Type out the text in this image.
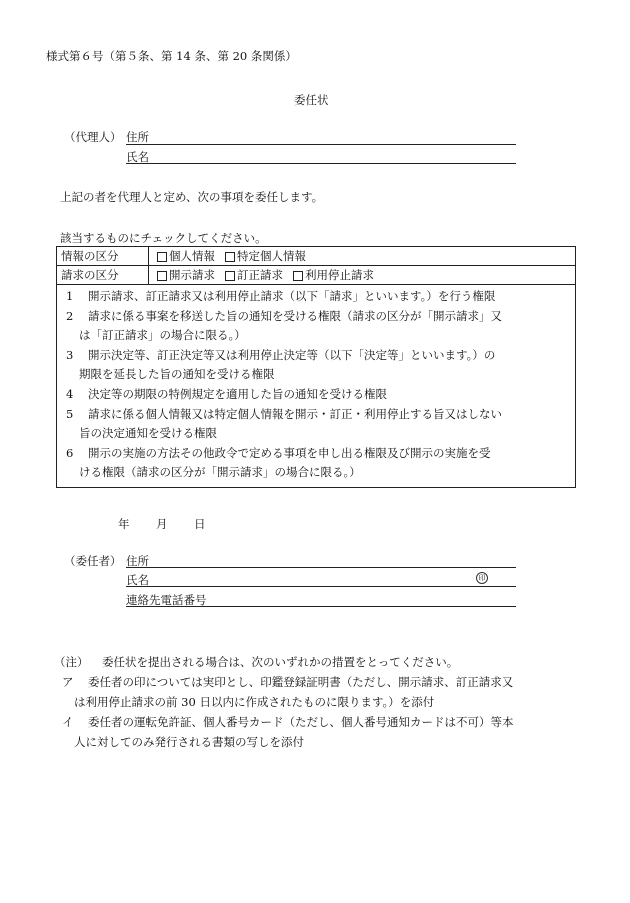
様式第６号（第５条、第 14 条、第 20 条関係）
委任状
（代理人） 住所
氏名
上記の者を代理人と定め、次の事項を委任します。
該当するものにチェックしてください。
情報の区分	個人情報 特定個人情報
請求の区分	開示請求 訂正請求 利用停止請求
1	開示請求、訂正請求又は利用停止請求（以下「請求」といいます。）を行う権限
2	請求に係る事案を移送した旨の通知を受ける権限（請求の区分が「開示請求」又
は「訂正請求」の場合に限る。）
3	開示決定等、訂正決定等又は利用停止決定等（以下「決定等」といいます。）の
期限を延長した旨の通知を受ける権限
4	決定等の期限の特例規定を適用した旨の通知を受ける権限
5	請求に係る個人情報又は特定個人情報を開示・訂正・利用停止する旨又はしない
旨の決定通知を受ける権限
6	開示の実施の方法その他政令で定める事項を申し出る権限及び開示の実施を受
ける権限（請求の区分が「開示請求」の場合に限る。）
年 月 日
（委任者） 住所
氏名	印
連絡先電話番号
（注） 委任状を提出される場合は、次のいずれかの措置をとってください。
ア 委任者の印については実印とし、印鑑登録証明書（ただし、開示請求、訂正請求又
は利用停止請求の前 30 日以内に作成されたものに限ります。）を添付
イ 委任者の運転免許証、個人番号カード（ただし、個人番号通知カードは不可）等本
人に対してのみ発行される書類の写しを添付
